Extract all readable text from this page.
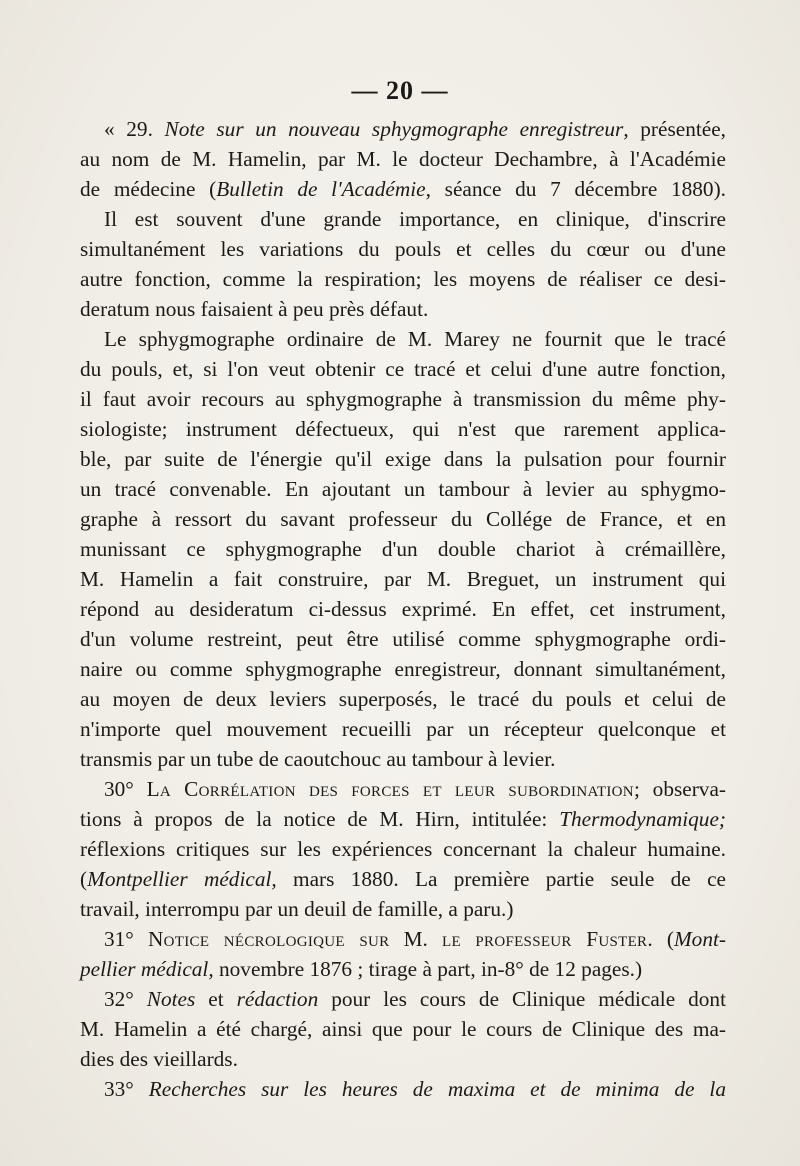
— 20 —
« 29. Note sur un nouveau sphygmographe enregistreur, présentée,
au nom de M. Hamelin, par M. le docteur Dechambre, à l'Académie
de médecine (Bulletin de l'Académie, séance du 7 décembre 1880).
Il est souvent d'une grande importance, en clinique, d'inscrire
simultanément les variations du pouls et celles du cœur ou d'une
autre fonction, comme la respiration; les moyens de réaliser ce desi-
deratum nous faisaient à peu près défaut.
Le sphygmographe ordinaire de M. Marey ne fournit que le tracé
du pouls, et, si l'on veut obtenir ce tracé et celui d'une autre fonction,
il faut avoir recours au sphygmographe à transmission du même phy-
siologiste; instrument défectueux, qui n'est que rarement applica-
ble, par suite de l'énergie qu'il exige dans la pulsation pour fournir
un tracé convenable. En ajoutant un tambour à levier au sphygmo-
graphe à ressort du savant professeur du Collége de France, et en
munissant ce sphygmographe d'un double chariot à crémaillère,
M. Hamelin a fait construire, par M. Breguet, un instrument qui
répond au desideratum ci-dessus exprimé. En effet, cet instrument,
d'un volume restreint, peut être utilisé comme sphygmographe ordi-
naire ou comme sphygmographe enregistreur, donnant simultanément,
au moyen de deux leviers superposés, le tracé du pouls et celui de
n'importe quel mouvement recueilli par un récepteur quelconque et
transmis par un tube de caoutchouc au tambour à levier.
30° La Corrélation des forces et leur subordination; observa-
tions à propos de la notice de M. Hirn, intitulée: Thermodynamique;
réflexions critiques sur les expériences concernant la chaleur humaine.
(Montpellier médical, mars 1880. La première partie seule de ce
travail, interrompu par un deuil de famille, a paru.)
31° Notice nécrologique sur M. le professeur Fuster. (Mont-
pellier médical, novembre 1876 ; tirage à part, in-8° de 12 pages.)
32° Notes et rédaction pour les cours de Clinique médicale dont
M. Hamelin a été chargé, ainsi que pour le cours de Clinique des ma-
dies des vieillards.
33° Recherches sur les heures de maxima et de minima de la
